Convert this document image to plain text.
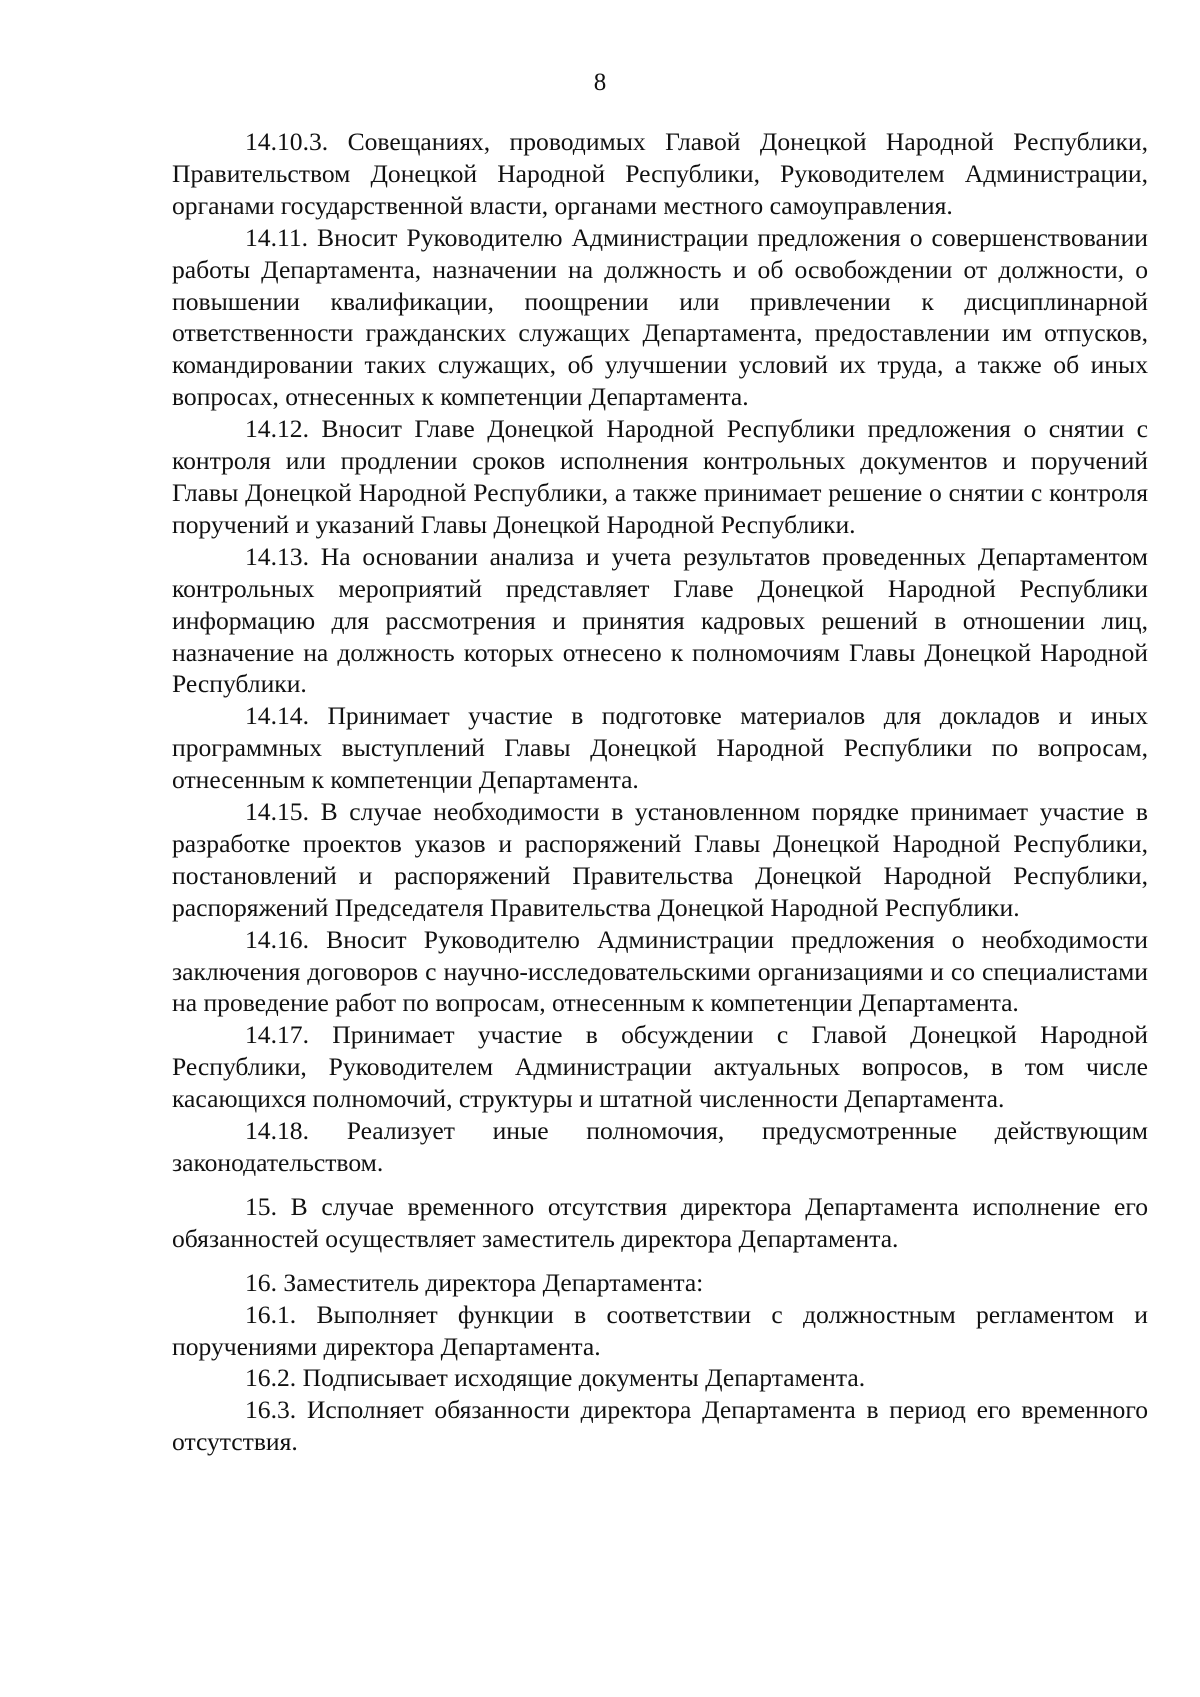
8

14.10.3. Совещаниях, проводимых Главой Донецкой Народной Республики, Правительством Донецкой Народной Республики, Руководителем Администрации, органами государственной власти, органами местного самоуправления.

14.11. Вносит Руководителю Администрации предложения о совершенствовании работы Департамента, назначении на должность и об освобождении от должности, о повышении квалификации, поощрении или привлечении к дисциплинарной ответственности гражданских служащих Департамента, предоставлении им отпусков, командировании таких служащих, об улучшении условий их труда, а также об иных вопросах, отнесенных к компетенции Департамента.

14.12. Вносит Главе Донецкой Народной Республики предложения о снятии с контроля или продлении сроков исполнения контрольных документов и поручений Главы Донецкой Народной Республики, а также принимает решение о снятии с контроля поручений и указаний Главы Донецкой Народной Республики.

14.13. На основании анализа и учета результатов проведенных Департаментом контрольных мероприятий представляет Главе Донецкой Народной Республики информацию для рассмотрения и принятия кадровых решений в отношении лиц, назначение на должность которых отнесено к полномочиям Главы Донецкой Народной Республики.

14.14. Принимает участие в подготовке материалов для докладов и иных программных выступлений Главы Донецкой Народной Республики по вопросам, отнесенным к компетенции Департамента.

14.15. В случае необходимости в установленном порядке принимает участие в разработке проектов указов и распоряжений Главы Донецкой Народной Республики, постановлений и распоряжений Правительства Донецкой Народной Республики, распоряжений Председателя Правительства Донецкой Народной Республики.

14.16. Вносит Руководителю Администрации предложения о необходимости заключения договоров с научно-исследовательскими организациями и со специалистами на проведение работ по вопросам, отнесенным к компетенции Департамента.

14.17. Принимает участие в обсуждении с Главой Донецкой Народной Республики, Руководителем Администрации актуальных вопросов, в том числе касающихся полномочий, структуры и штатной численности Департамента.

14.18. Реализует иные полномочия, предусмотренные действующим законодательством.

15. В случае временного отсутствия директора Департамента исполнение его обязанностей осуществляет заместитель директора Департамента.

16. Заместитель директора Департамента:

16.1. Выполняет функции в соответствии с должностным регламентом и поручениями директора Департамента.

16.2. Подписывает исходящие документы Департамента.

16.3. Исполняет обязанности директора Департамента в период его временного отсутствия.
